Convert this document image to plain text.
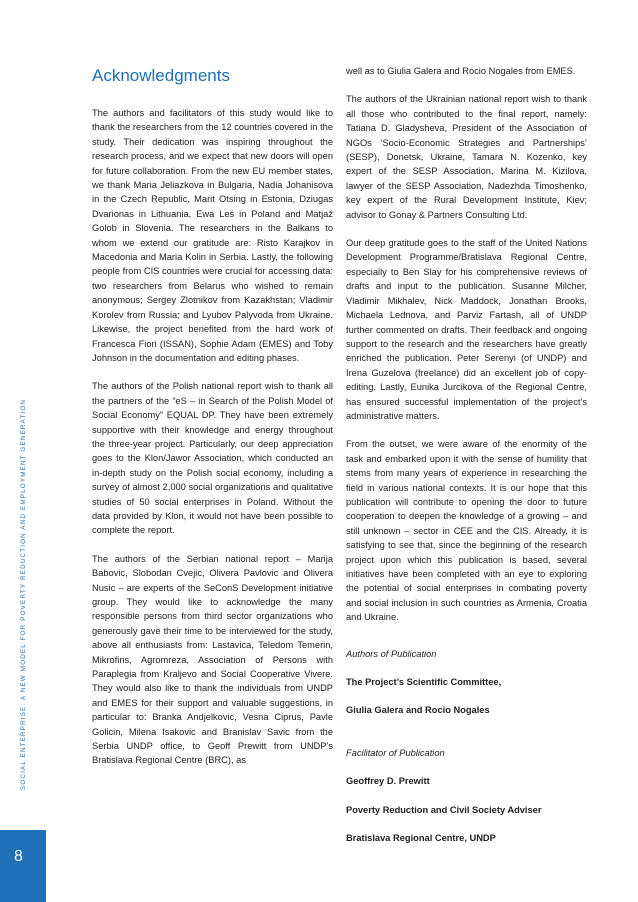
SOCIAL ENTERPRISE: A NEW MODEL FOR POVERTY REDUCTION AND EMPLOYMENT GENERATION
8
Acknowledgments

The authors and facilitators of this study would like to thank the researchers from the 12 countries covered in the study. Their dedication was inspiring throughout the research process, and we expect that new doors will open for future collaboration. From the new EU member states, we thank Maria Jeliazkova in Bulgaria, Nadia Johanisova in the Czech Republic, Marit Otsing in Estonia, Dziugas Dvarionas in Lithuania, Ewa Leś in Poland and Matjaž Golob in Slovenia. The researchers in the Balkans to whom we extend our gratitude are: Risto Karajkov in Macedonia and Maria Kolin in Serbia. Lastly, the following people from CIS countries were crucial for accessing data: two researchers from Belarus who wished to remain anonymous; Sergey Zlotnikov from Kazakhstan; Vladimir Korolev from Russia; and Lyubov Palyvoda from Ukraine. Likewise, the project benefited from the hard work of Francesca Fiori (ISSAN), Sophie Adam (EMES) and Toby Johnson in the documentation and editing phases.

The authors of the Polish national report wish to thank all the partners of the “eS – in Search of the Polish Model of Social Economy” EQUAL DP. They have been extremely supportive with their knowledge and energy throughout the three-year project. Particularly, our deep appreciation goes to the Klon/Jawor Association, which conducted an in-depth study on the Polish social economy, including a survey of almost 2,000 social organizations and qualitative studies of 50 social enterprises in Poland. Without the data provided by Klon, it would not have been possible to complete the report.

The authors of the Serbian national report – Marija Babovic, Slobodan Cvejic, Olivera Pavlovic and Olivera Nusic – are experts of the SeConS Development initiative group. They would like to acknowledge the many responsible persons from third sector organizations who generously gave their time to be interviewed for the study, above all enthusiasts from: Lastavica, Teledom Temerin, Mikrofins, Agromreza, Association of Persons with Paraplegia from Kraljevo and Social Cooperative Vivere. They would also like to thank the individuals from UNDP and EMES for their support and valuable suggestions, in particular to: Branka Andjelkovic, Vesna Ciprus, Pavle Golicin, Milena Isakovic and Branislav Savic from the Serbia UNDP office, to Geoff Prewitt from UNDP’s Bratislava Regional Centre (BRC), as

well as to Giulia Galera and Rocio Nogales from EMES.

The authors of the Ukrainian national report wish to thank all those who contributed to the final report, namely: Tatiana D. Gladysheva, President of the Association of NGOs ‘Socio-Economic Strategies and Partnerships’ (SESP), Donetsk, Ukraine, Tamara N. Kozenko, key expert of the SESP Association, Marina M. Kizilova, lawyer of the SESP Association, Nadezhda Timoshenko, key expert of the Rural Development Institute, Kiev; advisor to Gonay & Partners Consulting Ltd.

Our deep gratitude goes to the staff of the United Nations Development Programme/Bratislava Regional Centre, especially to Ben Slay for his comprehensive reviews of drafts and input to the publication. Susanne Milcher, Vladimir Mikhalev, Nick Maddock, Jonathan Brooks, Michaela Lednova, and Parviz Fartash, all of UNDP further commented on drafts. Their feedback and ongoing support to the research and the researchers have greatly enriched the publication. Peter Serenyi (of UNDP) and Irena Guzelova (freelance) did an excellent job of copy-editing. Lastly, Eunika Jurcikova of the Regional Centre, has ensured successful implementation of the project’s administrative matters.

From the outset, we were aware of the enormity of the task and embarked upon it with the sense of humility that stems from many years of experience in researching the field in various national contexts. It is our hope that this publication will contribute to opening the door to future cooperation to deepen the knowledge of a growing – and still unknown – sector in CEE and the CIS. Already, it is satisfying to see that, since the beginning of the research project upon which this publication is based, several initiatives have been completed with an eye to exploring the potential of social enterprises in combating poverty and social inclusion in such countries as Armenia, Croatia and Ukraine.

Authors of Publication

The Project’s Scientific Committee,

Giulia Galera and Rocio Nogales

Facilitator of Publication

Geoffrey D. Prewitt

Poverty Reduction and Civil Society Adviser

Bratislava Regional Centre, UNDP
